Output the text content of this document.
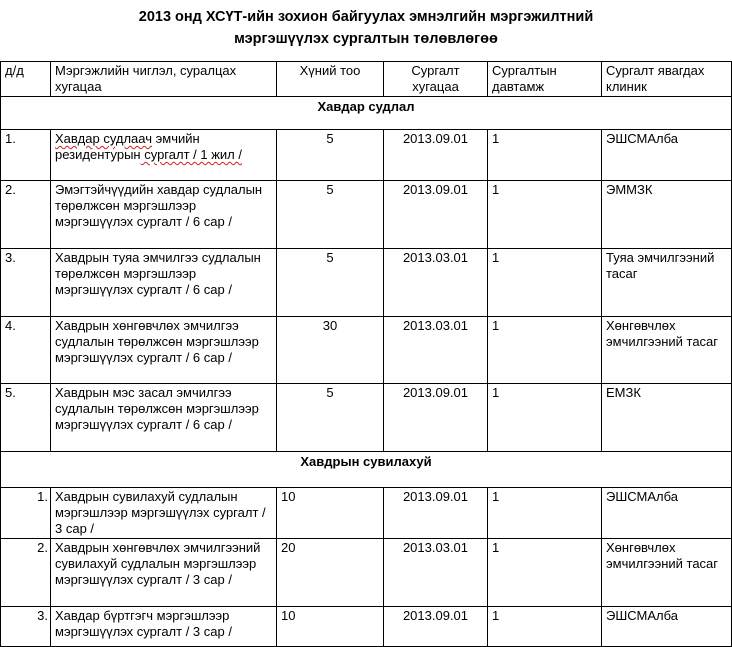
2013 онд ХСҮТ-ийн зохион байгуулах эмнэлгийн мэргэжилтний
мэргэшүүлэх сургалтын төлөвлөгөө
д/д	Мэргэжлийн чиглэл, суралцах хугацаа	Хүний тоо	Сургалт хугацаа	Сургалтын давтамж	Сургалт явагдах клиник
Хавдар судлал					
1.	Хавдар судлаач эмчийн резидентурын сургалт / 1 жил /	5	2013.09.01	1	ЭШСМАлба
2.	Эмэгтэйчүүдийн хавдар судлалын төрөлжсөн мэргэшлээр мэргэшүүлэх сургалт / 6 сар /	5	2013.09.01	1	ЭММЗК
3.	Хавдрын туяа эмчилгээ судлалын төрөлжсөн мэргэшлээр мэргэшүүлэх сургалт / 6 сар /	5	2013.03.01	1	Туяа эмчилгээний тасаг
4.	Хавдрын хөнгөвчлөх эмчилгээ судлалын төрөлжсөн мэргэшлээр мэргэшүүлэх сургалт / 6 сар /	30	2013.03.01	1	Хөнгөвчлөх эмчилгээний тасаг
5.	Хавдрын мэс засал эмчилгээ судлалын төрөлжсөн мэргэшлээр мэргэшүүлэх сургалт / 6 сар /	5	2013.09.01	1	ЕМЗК
Хавдрын сувилахуй					
1.	Хавдрын сувилахуй судлалын мэргэшлээр мэргэшүүлэх сургалт / 3 сар /	10	2013.09.01	1	ЭШСМАлба
2.	Хавдрын хөнгөвчлөх эмчилгээний сувилахуй судлалын мэргэшлээр мэргэшүүлэх сургалт / 3 сар /	20	2013.03.01	1	Хөнгөвчлөх эмчилгээний тасаг
3.	Хавдар бүртгэгч мэргэшлээр мэргэшүүлэх сургалт / 3 сар /	10	2013.09.01	1	ЭШСМАлба
